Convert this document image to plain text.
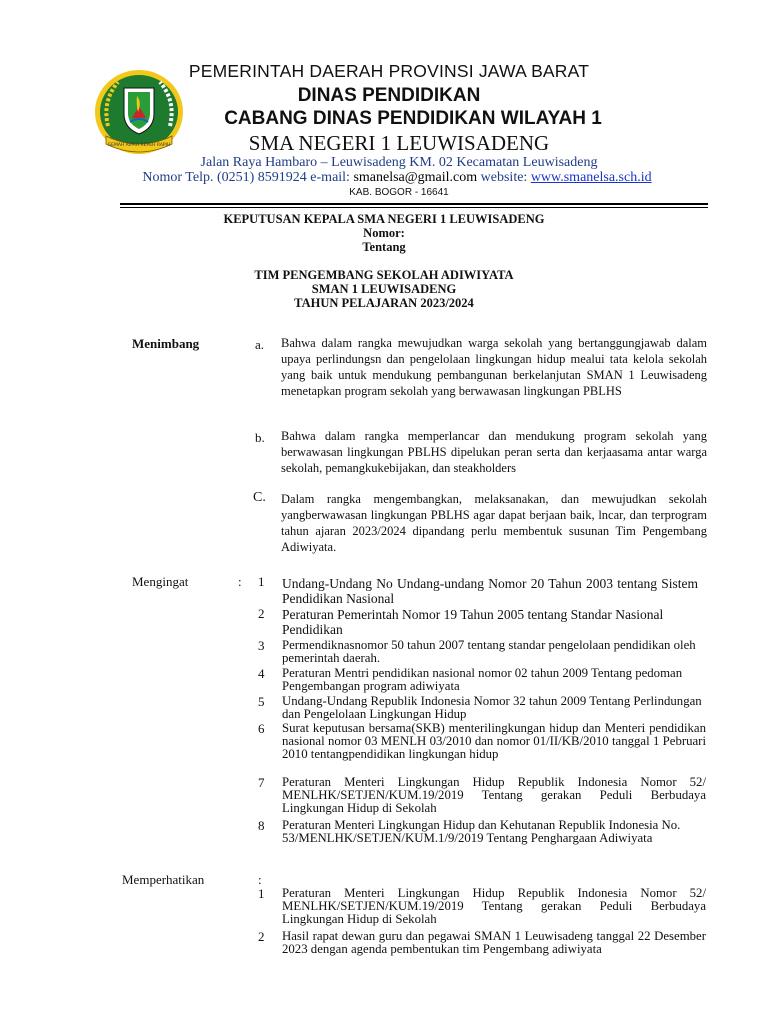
GEMAH RIPAH REPEH RAPIH
PEMERINTAH DAERAH PROVINSI JAWA BARAT
DINAS PENDIDIKAN
CABANG DINAS PENDIDIKAN WILAYAH 1
SMA NEGERI 1 LEUWISADENG
Jalan Raya Hambaro – Leuwisadeng KM. 02 Kecamatan Leuwisadeng
Nomor Telp. (0251) 8591924 e-mail: smanelsa@gmail.com website: www.smanelsa.sch.id
KAB. BOGOR - 16641
KEPUTUSAN KEPALA SMA NEGERI 1 LEUWISADENG
Nomor:
Tentang
TIM PENGEMBANG SEKOLAH ADIWIYATA
SMAN 1 LEUWISADENG
TAHUN PELAJARAN 2023/2024
Menimbang	a. Bahwa dalam rangka mewujudkan warga sekolah yang bertanggungjawab dalam upaya perlindungsn dan pengelolaan lingkungan hidup mealui tata kelola sekolah yang baik untuk mendukung pembangunan berkelanjutan SMAN 1 Leuwisadeng menetapkan program sekolah yang berwawasan lingkungan PBLHS
b. Bahwa dalam rangka memperlancar dan mendukung program sekolah yang berwawasan lingkungan PBLHS dipelukan peran serta dan kerjaasama antar warga sekolah, pemangkukebijakan, dan steakholders
C. Dalam rangka mengembangkan, melaksanakan, dan mewujudkan sekolah yangberwawasan lingkungan PBLHS agar dapat berjaan baik, lncar, dan terprogram tahun ajaran 2023/2024 dipandang perlu membentuk susunan Tim Pengembang Adiwiyata.
Mengingat	: 1 Undang-Undang No Undang-undang Nomor 20 Tahun 2003 tentang Sistem Pendidikan Nasional
2 Peraturan Pemerintah Nomor 19 Tahun 2005 tentang Standar Nasional Pendidikan
3 Permendiknasnomor 50 tahun 2007 tentang standar pengelolaan pendidikan oleh pemerintah daerah.
4 Peraturan Mentri pendidikan nasional nomor 02 tahun 2009 Tentang pedoman Pengembangan program adiwiyata
5 Undang-Undang Republik Indonesia Nomor 32 tahun 2009 Tentang Perlindungan dan Pengelolaan Lingkungan Hidup
6 Surat keputusan bersama(SKB) menterilingkungan hidup dan Menteri pendidikan nasional nomor 03 MENLH 03/2010 dan nomor 01/II/KB/2010 tanggal 1 Pebruari 2010 tentangpendidikan lingkungan hidup
7 Peraturan Menteri Lingkungan Hidup Republik Indonesia Nomor 52/ MENLHK/SETJEN/KUM.19/2019 Tentang gerakan Peduli Berbudaya Lingkungan Hidup di Sekolah
8 Peraturan Menteri Lingkungan Hidup dan Kehutanan Republik Indonesia No. 53/MENLHK/SETJEN/KUM.1/9/2019 Tentang Penghargaan Adiwiyata
Memperhatikan	:
1 Peraturan Menteri Lingkungan Hidup Republik Indonesia Nomor 52/ MENLHK/SETJEN/KUM.19/2019 Tentang gerakan Peduli Berbudaya Lingkungan Hidup di Sekolah
2 Hasil rapat dewan guru dan pegawai SMAN 1 Leuwisadeng tanggal 22 Desember 2023 dengan agenda pembentukan tim Pengembang adiwiyata
